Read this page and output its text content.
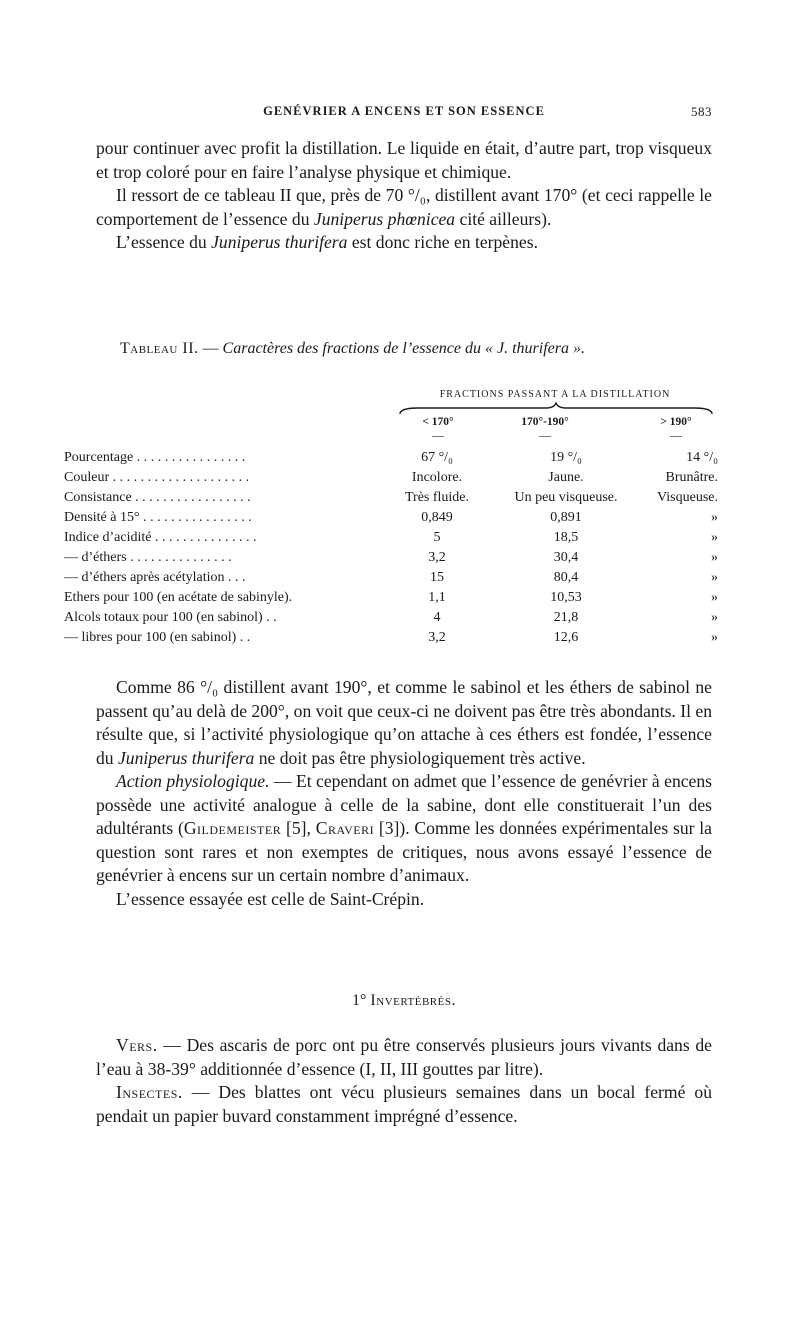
GENÉVRIER A ENCENS ET SON ESSENCE	583

pour continuer avec profit la distillation. Le liquide en était, d’autre part, trop visqueux et trop coloré pour en faire l’analyse physique et chimique.

Il ressort de ce tableau II que, près de 70 °/₀, distillent avant 170° (et ceci rappelle le comportement de l’essence du Juniperus phœnicea cité ailleurs).

L’essence du Juniperus thurifera est donc riche en terpènes.

Tableau II. — Caractères des fractions de l’essence du « J. thurifera ».
FRACTIONS PASSANT A LA DISTILLATION
< 170°	170°-190°	> 190°
—	—	—
Pourcentage . . . . . . . . . . . . . . . .	67 °/₀	19 °/₀	14 °/₀
Couleur . . . . . . . . . . . . . . . . . . . .	Incolore.	Jaune.	Brunâtre.
Consistance . . . . . . . . . . . . . . . . .	Très fluide.	Un peu visqueuse.	Visqueuse.
Densité à 15° . . . . . . . . . . . . . . . .	0,849	0,891	»
Indice d’acidité . . . . . . . . . . . . . . .	5	18,5	»
— d’éthers . . . . . . . . . . . . . . .	3,2	30,4	»
— d’éthers après acétylation . . .	15	80,4	»
Ethers pour 100 (en acétate de sabinyle).	1,1	10,53	»
Alcols totaux pour 100 (en sabinol) . .	4	21,8	»
— libres pour 100 (en sabinol) . .	3,2	12,6	»

Comme 86 °/₀ distillent avant 190°, et comme le sabinol et les éthers de sabinol ne passent qu’au delà de 200°, on voit que ceux-ci ne doivent pas être très abondants. Il en résulte que, si l’activité physiologique qu’on attache à ces éthers est fondée, l’essence du Juniperus thurifera ne doit pas être physiologiquement très active.

Action physiologique. — Et cependant on admet que l’essence de genévrier à encens possède une activité analogue à celle de la sabine, dont elle constituerait l’un des adultérants (Gildemeister [5], Craveri [3]). Comme les données expérimentales sur la question sont rares et non exemptes de critiques, nous avons essayé l’essence de genévrier à encens sur un certain nombre d’animaux.

L’essence essayée est celle de Saint-Crépin.

1° Invertébrés.

Vers. — Des ascaris de porc ont pu être conservés plusieurs jours vivants dans de l’eau à 38-39° additionnée d’essence (I, II, III gouttes par litre).

Insectes. — Des blattes ont vécu plusieurs semaines dans un bocal fermé où pendait un papier buvard constamment imprégné d’essence.
